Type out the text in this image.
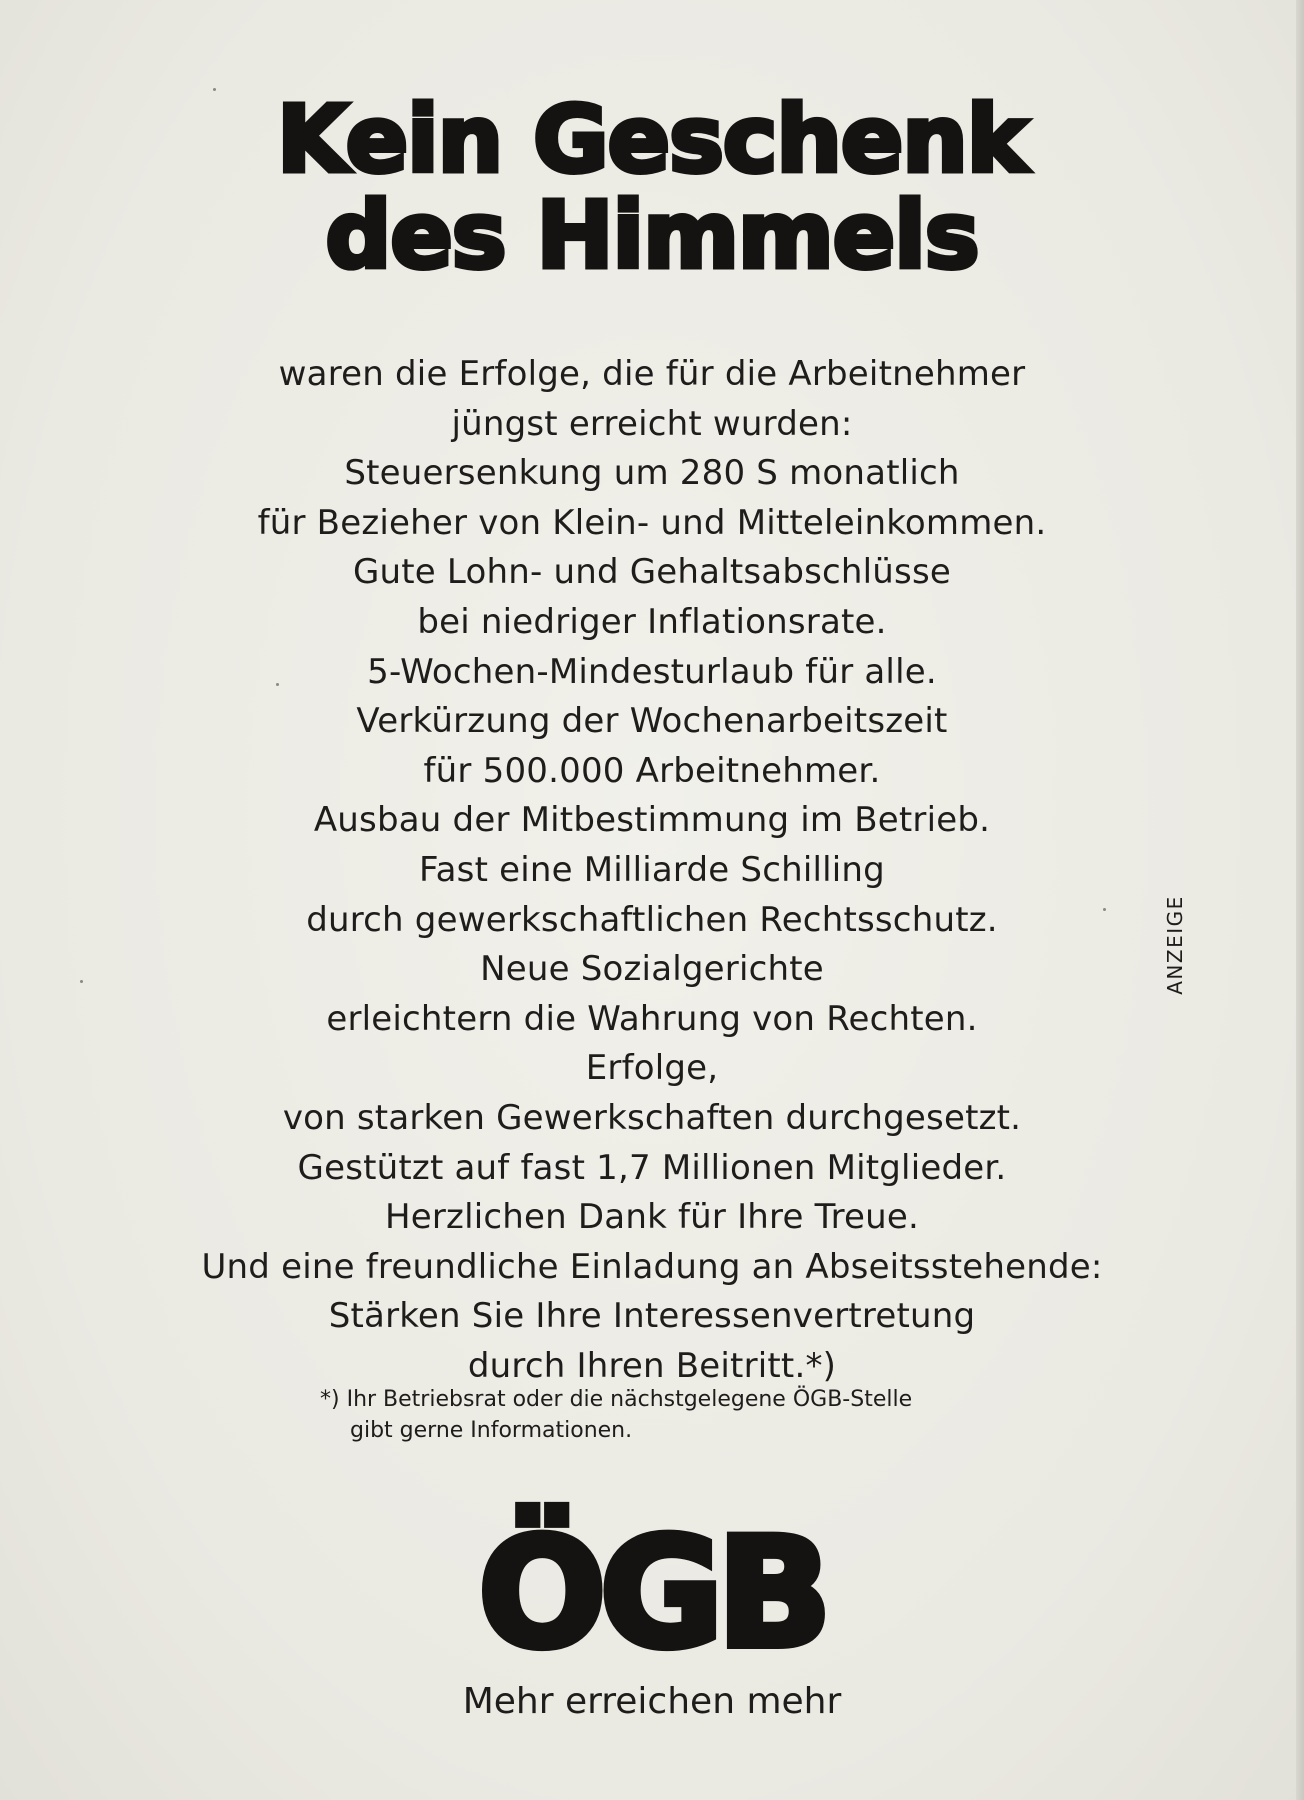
Kein Geschenk
des Himmels
waren die Erfolge, die für die Arbeitnehmer
jüngst erreicht wurden:
Steuersenkung um 280 S monatlich
für Bezieher von Klein- und Mitteleinkommen.
Gute Lohn- und Gehaltsabschlüsse
bei niedriger Inflationsrate.
5-Wochen-Mindesturlaub für alle.
Verkürzung der Wochenarbeitszeit
für 500.000 Arbeitnehmer.
Ausbau der Mitbestimmung im Betrieb.
Fast eine Milliarde Schilling
durch gewerkschaftlichen Rechtsschutz.
Neue Sozialgerichte
erleichtern die Wahrung von Rechten.
Erfolge,
von starken Gewerkschaften durchgesetzt.
Gestützt auf fast 1,7 Millionen Mitglieder.
Herzlichen Dank für Ihre Treue.
Und eine freundliche Einladung an Abseitsstehende:
Stärken Sie Ihre Interessenvertretung
durch Ihren Beitritt.*)
*) Ihr Betriebsrat oder die nächstgelegene ÖGB-Stelle
gibt gerne Informationen.
ANZEIGE
ÖGB
Mehr erreichen mehr
